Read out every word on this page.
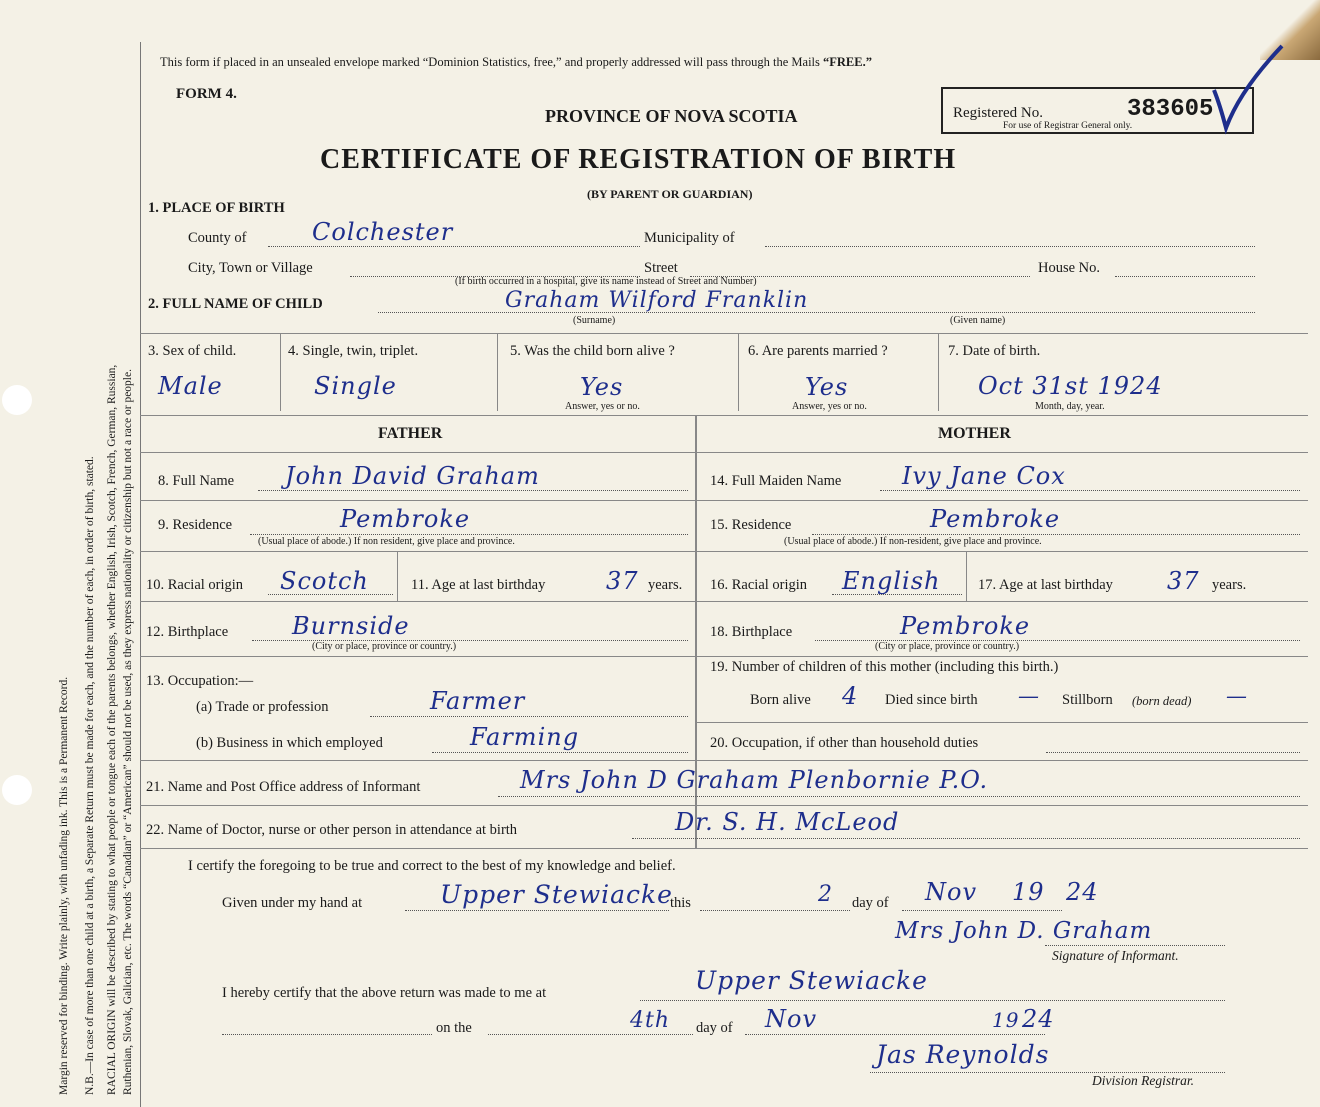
Margin reserved for binding. Write plainly, with unfading ink. This is a Permanent Record. N.B.—In case of more than one child at a birth, a Separate Return must be made for each, and the number of each, in order of birth, stated. RACIAL ORIGIN will be described by stating to what people or tongue each of the parents belongs, whether English, Irish, Scotch, French, German, Russian, Ruthenian, Slovak, Galician, etc. The words “Canadian” or “American” should not be used, as they express nationality or citizenship but not a race or people.
This form if placed in an unsealed envelope marked “Dominion Statistics, free,” and properly addressed will pass through the Mails “FREE.”
FORM 4.
PROVINCE OF NOVA SCOTIA
CERTIFICATE OF REGISTRATION OF BIRTH
(BY PARENT OR GUARDIAN)
Registered No.	383605
For use of Registrar General only.
1. PLACE OF BIRTH
County of	Colchester	Municipality of
City, Town or Village	Street
(If birth occurred in a hospital, give its name instead of Street and Number)
House No.
2. FULL NAME OF CHILD	Graham Wilford Franklin
(Surname)	(Given name)
3. Sex of child.
Male
4. Single, twin, triplet.
Single
5. Was the child born alive ?
Yes
Answer, yes or no.
6. Are parents married ?
Yes
Answer, yes or no.
7. Date of birth.
Oct 31st 1924
Month, day, year.
FATHER	MOTHER
8. Full Name John David Graham
9. Residence	Pembroke
(Usual place of abode.) If non resident, give place and province.
10. Racial origin Scotch	11. Age at last birthday	37 years.
12. Birthplace	Burnside
(City or place, province or country.)
13. Occupation:—
(a) Trade or profession	Farmer
(b) Business in which employed	Farming
14. Full Maiden Name	Ivy Jane Cox
15. Residence	Pembroke
(Usual place of abode.) If non-resident, give place and province.
16. Racial origin English	17. Age at last birthday 37 years.
18. Birthplace	Pembroke
(City or place, province or country.)
19. Number of children of this mother (including this birth.)
Born alive 4 Died since birth — Stillborn (born dead) —
20. Occupation, if other than household duties
21. Name and Post Office address of Informant	Mrs John D Graham Plenbornie P.O.
22. Name of Doctor, nurse or other person in attendance at birth	Dr. S. H. McLeod
I certify the foregoing to be true and correct to the best of my knowledge and belief.
Given under my hand at	Upper Stewiacke
this	2 day of Nov 19 24
Mrs John D. Graham
Signature of Informant.
I hereby certify that the above return was made to me at	Upper Stewiacke
on the	4th day of Nov	19 24
Jas Reynolds
Division Registrar.
